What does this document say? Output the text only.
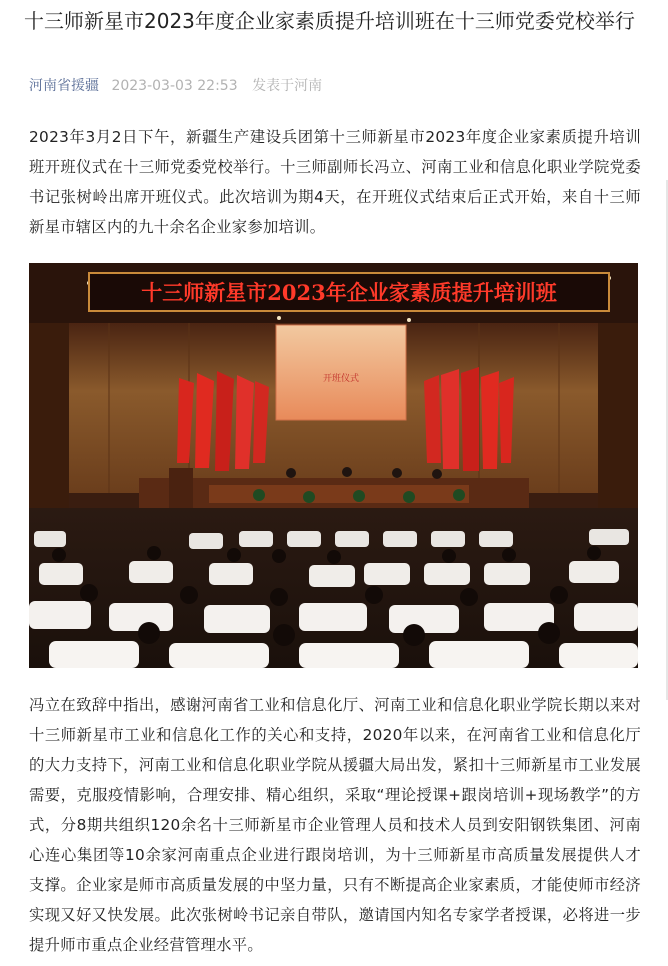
十三师新星市2023年度企业家素质提升培训班在十三师党委党校举行
河南省援疆 2023-03-03 22:53 发表于河南

2023年3月2日下午，新疆生产建设兵团第十三师新星市2023年度企业家素质提升培训班开班仪式在十三师党委党校举行。十三师副师长冯立、河南工业和信息化职业学院党委书记张树岭出席开班仪式。此次培训为期4天，在开班仪式结束后正式开始，来自十三师新星市辖区内的九十余名企业家参加培训。

十三师新星市2023年企业家素质提升培训班
开班仪式

冯立在致辞中指出，感谢河南省工业和信息化厅、河南工业和信息化职业学院长期以来对十三师新星市工业和信息化工作的关心和支持，2020年以来，在河南省工业和信息化厅的大力支持下，河南工业和信息化职业学院从援疆大局出发，紧扣十三师新星市工业发展需要，克服疫情影响，合理安排、精心组织，采取“理论授课+跟岗培训+现场教学”的方式，分8期共组织120余名十三师新星市企业管理人员和技术人员到安阳钢铁集团、河南心连心集团等10余家河南重点企业进行跟岗培训，为十三师新星市高质量发展提供人才支撑。企业家是师市高质量发展的中坚力量，只有不断提高企业家素质，才能使师市经济实现又好又快发展。此次张树岭书记亲自带队，邀请国内知名专家学者授课，必将进一步提升师市重点企业经营管理水平。
